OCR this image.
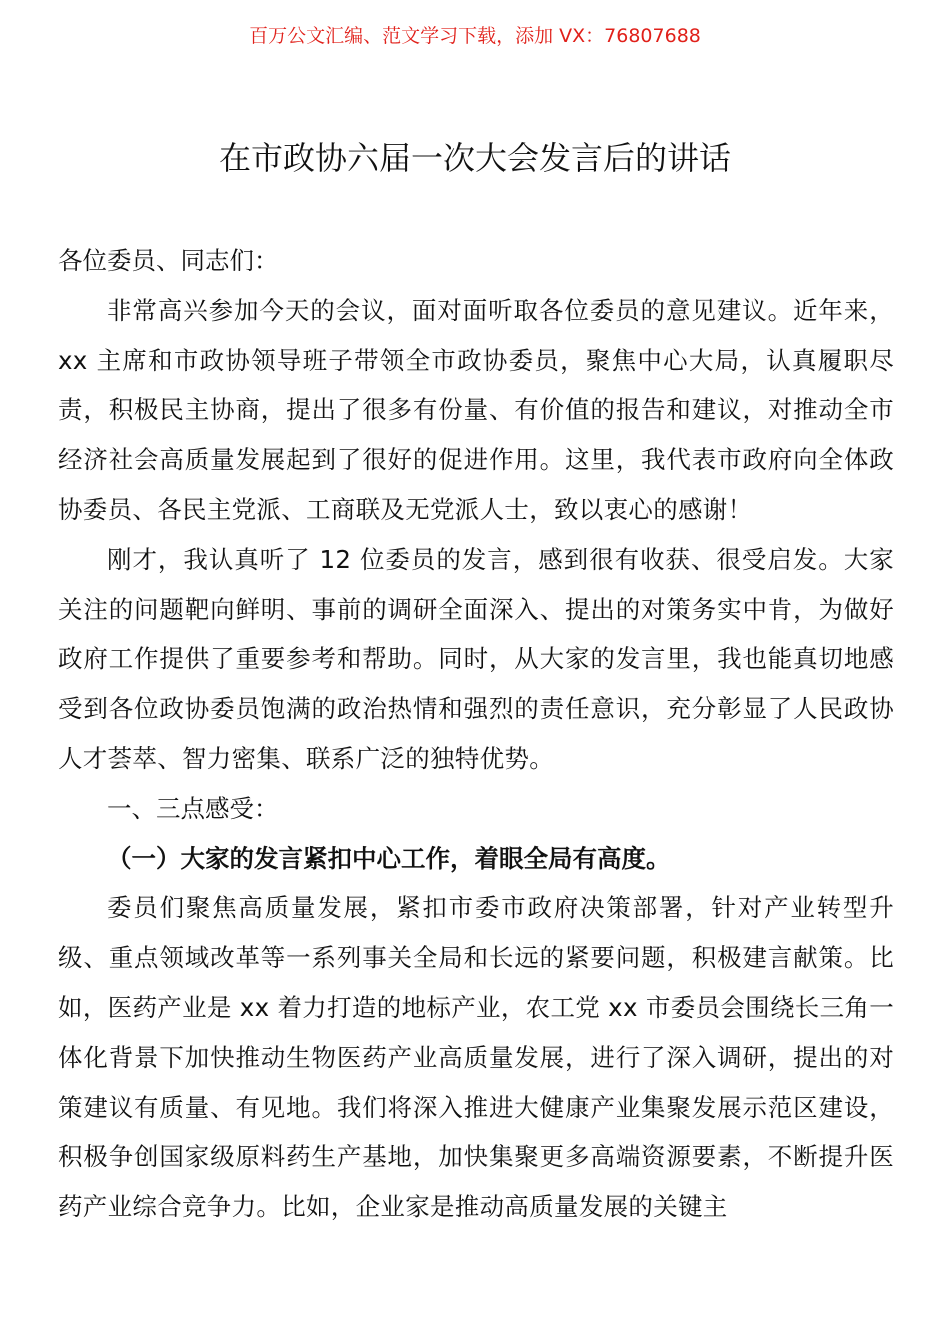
百万公文汇编、范文学习下载，添加 VX：76807688
在市政协六届一次大会发言后的讲话

各位委员、同志们：

非常高兴参加今天的会议，面对面听取各位委员的意见建议。近年来，xx 主席和市政协领导班子带领全市政协委员，聚焦中心大局，认真履职尽责，积极民主协商，提出了很多有份量、有价值的报告和建议，对推动全市经济社会高质量发展起到了很好的促进作用。这里，我代表市政府向全体政协委员、各民主党派、工商联及无党派人士，致以衷心的感谢！

刚才，我认真听了 12 位委员的发言，感到很有收获、很受启发。大家关注的问题靶向鲜明、事前的调研全面深入、提出的对策务实中肯，为做好政府工作提供了重要参考和帮助。同时，从大家的发言里，我也能真切地感受到各位政协委员饱满的政治热情和强烈的责任意识，充分彰显了人民政协人才荟萃、智力密集、联系广泛的独特优势。

一、三点感受：

（一）大家的发言紧扣中心工作，着眼全局有高度。

委员们聚焦高质量发展，紧扣市委市政府决策部署，针对产业转型升级、重点领域改革等一系列事关全局和长远的紧要问题，积极建言献策。比如，医药产业是 xx 着力打造的地标产业，农工党 xx 市委员会围绕长三角一体化背景下加快推动生物医药产业高质量发展，进行了深入调研，提出的对策建议有质量、有见地。我们将深入推进大健康产业集聚发展示范区建设，积极争创国家级原料药生产基地，加快集聚更多高端资源要素，不断提升医药产业综合竞争力。比如，企业家是推动高质量发展的关键主
